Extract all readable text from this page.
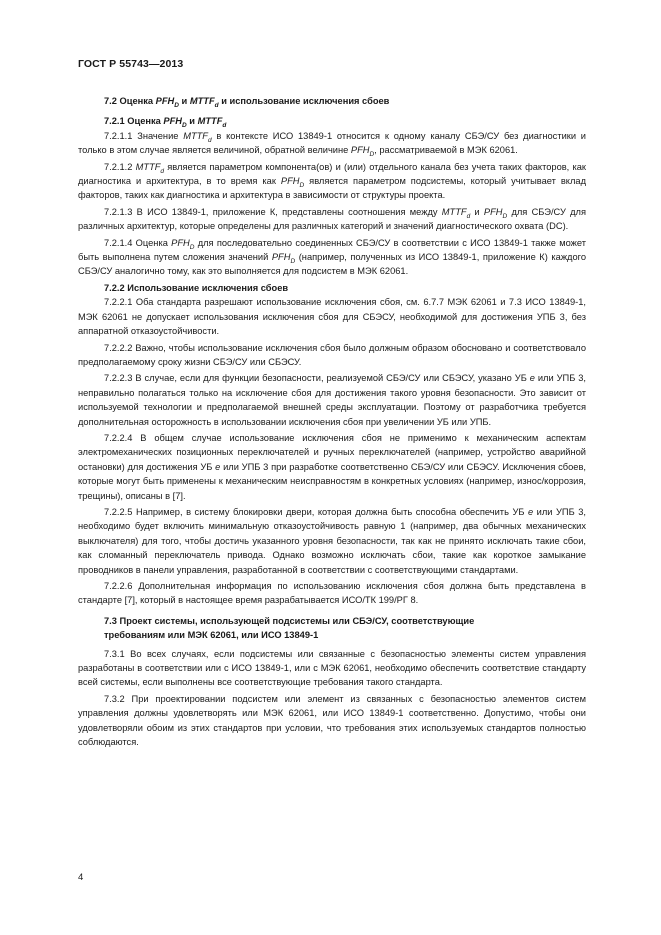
ГОСТ Р 55743—2013
7.2 Оценка $PFH_D$ и $MTTF_d$ и использование исключения сбоев
7.2.1 Оценка $PFH_D$ и $MTTF_d$

7.2.1.1 Значение $MTTF_d$ в контексте ИСО 13849-1 относится к одному каналу СБЭ/СУ без диагностики и только в этом случае является величиной, обратной величине $PFH_D$, рассматриваемой в МЭК 62061.

7.2.1.2 $MTTF_d$ является параметром компонента(ов) и (или) отдельного канала без учета таких факторов, как диагностика и архитектура, в то время как $PFH_D$ является параметром подсистемы, который учитывает вклад факторов, таких как диагностика и архитектура в зависимости от структуры проекта.

7.2.1.3 В ИСО 13849-1, приложение К, представлены соотношения между $MTTF_d$ и $PFH_D$ для СБЭ/СУ для различных архитектур, которые определены для различных категорий и значений диагностического охвата (DC).

7.2.1.4 Оценка $PFH_D$ для последовательно соединенных СБЭ/СУ в соответствии с ИСО 13849-1 также может быть выполнена путем сложения значений $PFH_D$ (например, полученных из ИСО 13849-1, приложение К) каждого СБЭ/СУ аналогично тому, как это выполняется для подсистем в МЭК 62061.

7.2.2 Использование исключения сбоев

7.2.2.1 Оба стандарта разрешают использование исключения сбоя, см. 6.7.7 МЭК 62061 и 7.3 ИСО 13849-1, МЭК 62061 не допускает использования исключения сбоя для СБЭСУ, необходимой для достижения УПБ 3, без аппаратной отказоустойчивости.

7.2.2.2 Важно, чтобы использование исключения сбоя было должным образом обосновано и соответствовало предполагаемому сроку жизни СБЭ/СУ или СБЭСУ.

7.2.2.3 В случае, если для функции безопасности, реализуемой СБЭ/СУ или СБЭСУ, указано УБ е или УПБ 3, неправильно полагаться только на исключение сбоя для достижения такого уровня безопасности. Это зависит от используемой технологии и предполагаемой внешней среды эксплуатации. Поэтому от разработчика требуется дополнительная осторожность в использовании исключения сбоя при увеличении УБ или УПБ.

7.2.2.4 В общем случае использование исключения сбоя не применимо к механическим аспектам электромеханических позиционных переключателей и ручных переключателей (например, устройство аварийной остановки) для достижения УБ е или УПБ 3 при разработке соответственно СБЭ/СУ или СБЭСУ. Исключения сбоев, которые могут быть применены к механическим неисправностям в конкретных условиях (например, износ/коррозия, трещины), описаны в [7].

7.2.2.5 Например, в систему блокировки двери, которая должна быть способна обеспечить УБ е или УПБ 3, необходимо будет включить минимальную отказоустойчивость равную 1 (например, два обычных механических выключателя) для того, чтобы достичь указанного уровня безопасности, так как не принято исключать такие сбои, как сломанный переключатель привода. Однако возможно исключать сбои, такие как короткое замыкание проводников в панели управления, разработанной в соответствии с соответствующими стандартами.

7.2.2.6 Дополнительная информация по использованию исключения сбоя должна быть представлена в стандарте [7], который в настоящее время разрабатывается ИСО/ТК 199/РГ 8.

7.3 Проект системы, использующей подсистемы или СБЭ/СУ, соответствующие
требованиям или МЭК 62061, или ИСО 13849-1

7.3.1 Во всех случаях, если подсистемы или связанные с безопасностью элементы систем управления разработаны в соответствии или с ИСО 13849-1, или с МЭК 62061, необходимо обеспечить соответствие стандарту всей системы, если выполнены все соответствующие требования такого стандарта.

7.3.2 При проектировании подсистем или элемент из связанных с безопасностью элементов систем управления должны удовлетворять или МЭК 62061, или ИСО 13849-1 соответственно. Допустимо, чтобы они удовлетворяли обоим из этих стандартов при условии, что требования этих используемых стандартов полностью соблюдаются.

4
